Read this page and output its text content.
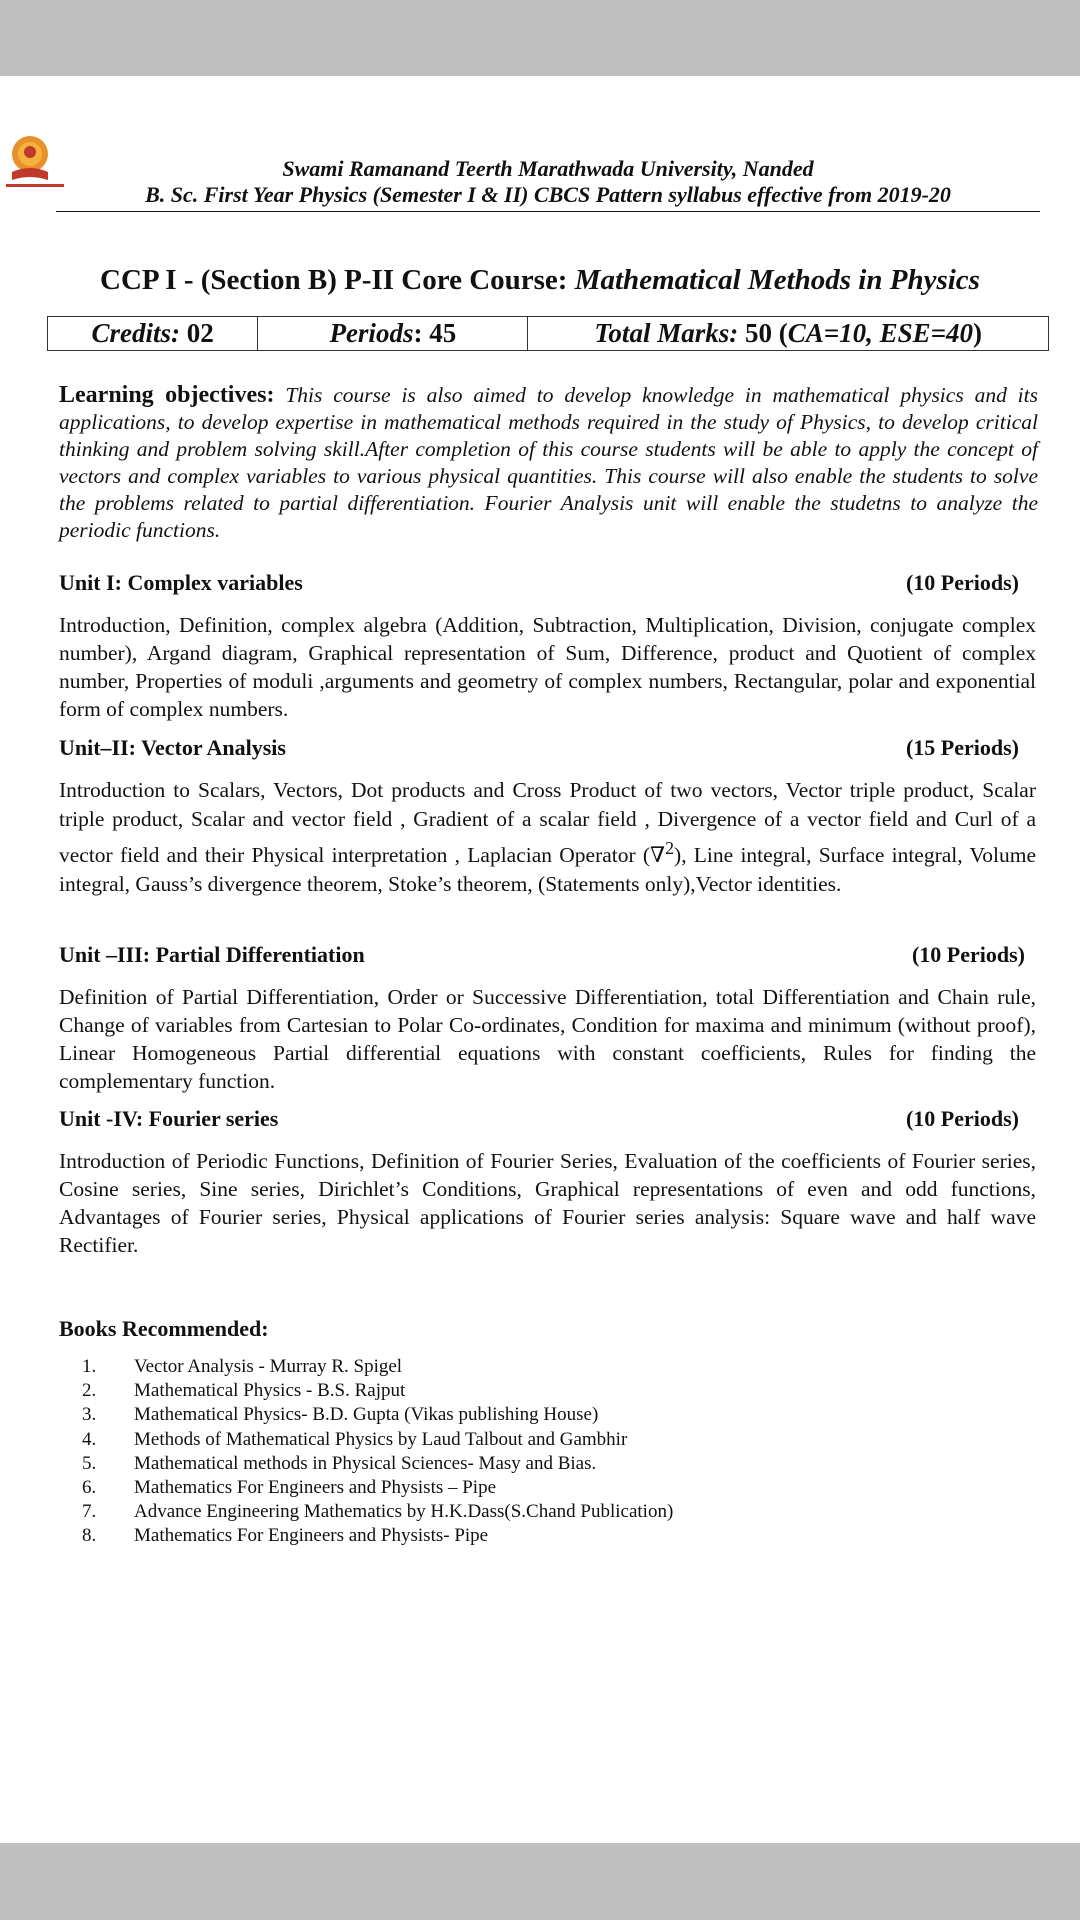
Swami Ramanand Teerth Marathwada University, Nanded
B. Sc. First Year Physics (Semester I & II) CBCS Pattern syllabus effective from 2019-20
CCP I - (Section B) P-II Core Course: Mathematical Methods in Physics
Credits: 02	Periods: 45	Total Marks: 50 (CA=10, ESE=40)
Learning objectives: This course is also aimed to develop knowledge in mathematical physics and its applications, to develop expertise in mathematical methods required in the study of Physics, to develop critical thinking and problem solving skill.After completion of this course students will be able to apply the concept of vectors and complex variables to various physical quantities. This course will also enable the students to solve the problems related to partial differentiation. Fourier Analysis unit will enable the studetns to analyze the periodic functions.
Unit I: Complex variables	(10 Periods)
Introduction, Definition, complex algebra (Addition, Subtraction, Multiplication, Division, conjugate complex number), Argand diagram, Graphical representation of Sum, Difference, product and Quotient of complex number, Properties of moduli ,arguments and geometry of complex numbers, Rectangular, polar and exponential form of complex numbers.
Unit–II: Vector Analysis	(15 Periods)
Introduction to Scalars, Vectors, Dot products and Cross Product of two vectors, Vector triple product, Scalar triple product, Scalar and vector field , Gradient of a scalar field , Divergence of a vector field and Curl of a vector field and their Physical interpretation , Laplacian Operator (∇$^2$), Line integral, Surface integral, Volume integral, Gauss’s divergence theorem, Stoke’s theorem, (Statements only),Vector identities.
Unit –III: Partial Differentiation	(10 Periods)
Definition of Partial Differentiation, Order or Successive Differentiation, total Differentiation and Chain rule, Change of variables from Cartesian to Polar Co-ordinates, Condition for maxima and minimum (without proof), Linear Homogeneous Partial differential equations with constant coefficients, Rules for finding the complementary function.
Unit -IV: Fourier series	(10 Periods)
Introduction of Periodic Functions, Definition of Fourier Series, Evaluation of the coefficients of Fourier series, Cosine series, Sine series, Dirichlet’s Conditions, Graphical representations of even and odd functions, Advantages of Fourier series, Physical applications of Fourier series analysis: Square wave and half wave Rectifier.
Books Recommended:
1.	Vector Analysis - Murray R. Spigel
2.	Mathematical Physics - B.S. Rajput
3.	Mathematical Physics- B.D. Gupta (Vikas publishing House)
4.	Methods of Mathematical Physics by Laud Talbout and Gambhir
5.	Mathematical methods in Physical Sciences- Masy and Bias.
6.	Mathematics For Engineers and Physists – Pipe
7.	Advance Engineering Mathematics by H.K.Dass(S.Chand Publication)
8.	Mathematics For Engineers and Physists- Pipe
